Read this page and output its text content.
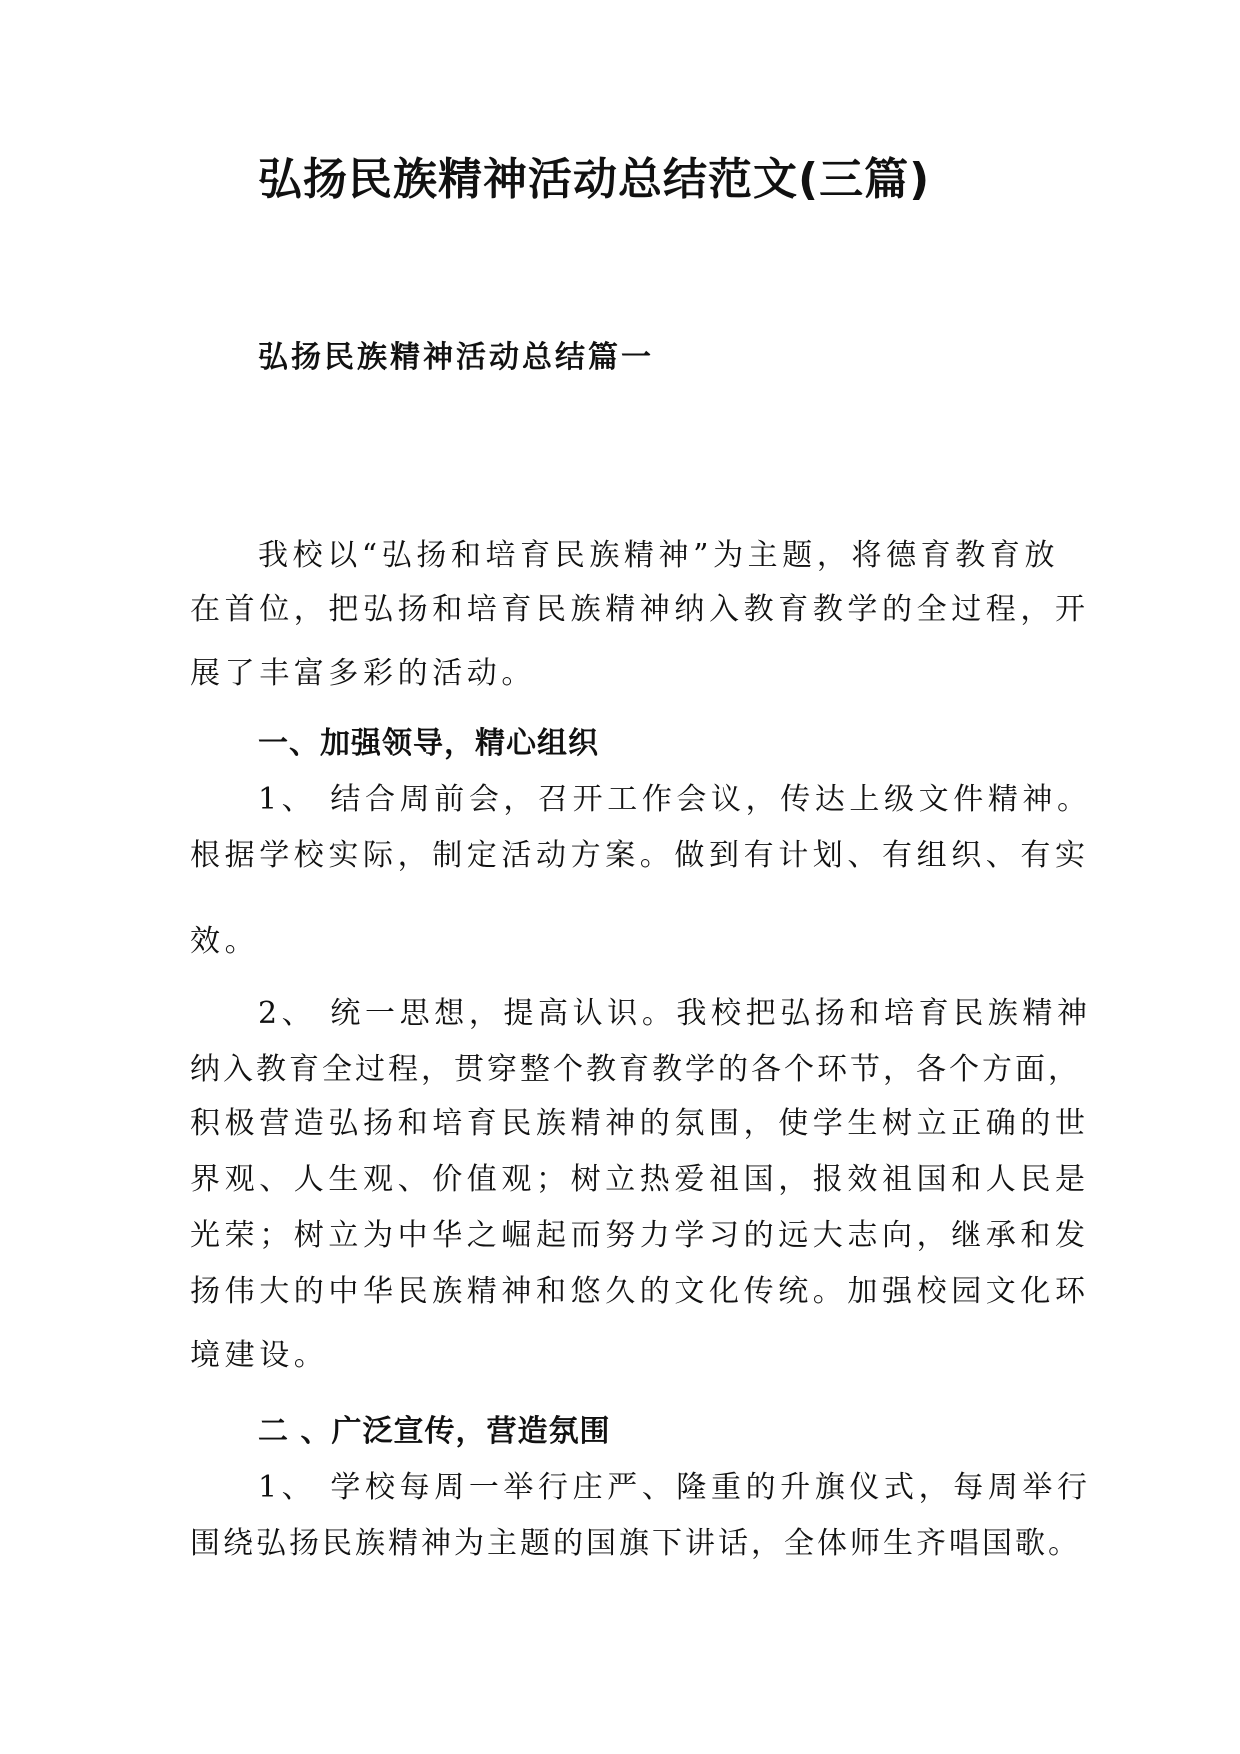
弘扬民族精神活动总结范文(三篇)
弘扬民族精神活动总结篇一

我校以“弘扬和培育民族精神”为主题，将德育教育放

在首位，把弘扬和培育民族精神纳入教育教学的全过程，开

展了丰富多彩的活动。

一、加强领导，精心组织

1、 结合周前会，召开工作会议，传达上级文件精神。

根据学校实际，制定活动方案。做到有计划、有组织、有实

效。

2、 统一思想，提高认识。我校把弘扬和培育民族精神

纳入教育全过程，贯穿整个教育教学的各个环节，各个方面，

积极营造弘扬和培育民族精神的氛围，使学生树立正确的世

界观、人生观、价值观；树立热爱祖国，报效祖国和人民是

光荣；树立为中华之崛起而努力学习的远大志向，继承和发

扬伟大的中华民族精神和悠久的文化传统。加强校园文化环

境建设。

二 、广泛宣传，营造氛围

1、 学校每周一举行庄严、隆重的升旗仪式，每周举行

围绕弘扬民族精神为主题的国旗下讲话，全体师生齐唱国歌。
